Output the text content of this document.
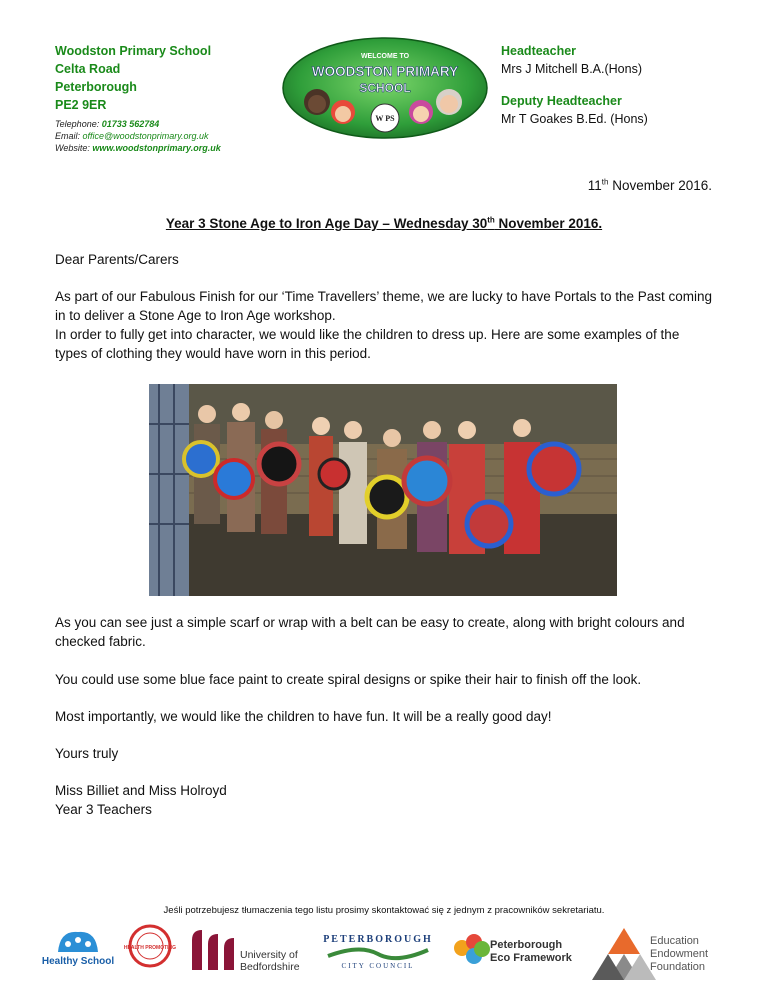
Woodston Primary School
Celta Road
Peterborough
PE2 9ER
Telephone: 01733 562784
Email: office@woodstonprimary.org.uk
Website: www.woodstonprimary.org.uk
WELCOME TO
WOODSTON PRIMARY
SCHOOL
W PS
Headteacher
Mrs J Mitchell B.A.(Hons)
Deputy Headteacher
Mr T Goakes B.Ed. (Hons)
11th November 2016.
Year 3 Stone Age to Iron Age Day – Wednesday 30th November 2016.

Dear Parents/Carers

As part of our Fabulous Finish for our ‘Time Travellers’ theme, we are lucky to have Portals to the Past coming in to deliver a Stone Age to Iron Age workshop.

In order to fully get into character, we would like the children to dress up. Here are some examples of the types of clothing they would have worn in this period.

As you can see just a simple scarf or wrap with a belt can be easy to create, along with bright colours and checked fabric.

You could use some blue face paint to create spiral designs or spike their hair to finish off the look.

Most importantly, we would like the children to have fun. It will be a really good day!

Yours truly

Miss Billiet and Miss Holroyd

Year 3 Teachers

Jeśli potrzebujesz tłumaczenia tego listu prosimy skontaktować się z jednym z pracowników sekretariatu.
Healthy School
HEALTH PROMOTING
University of
Bedfordshire
PETERBOROUGH
CITY COUNCIL
Peterborough
Eco Framework
Education
Endowment
Foundation
